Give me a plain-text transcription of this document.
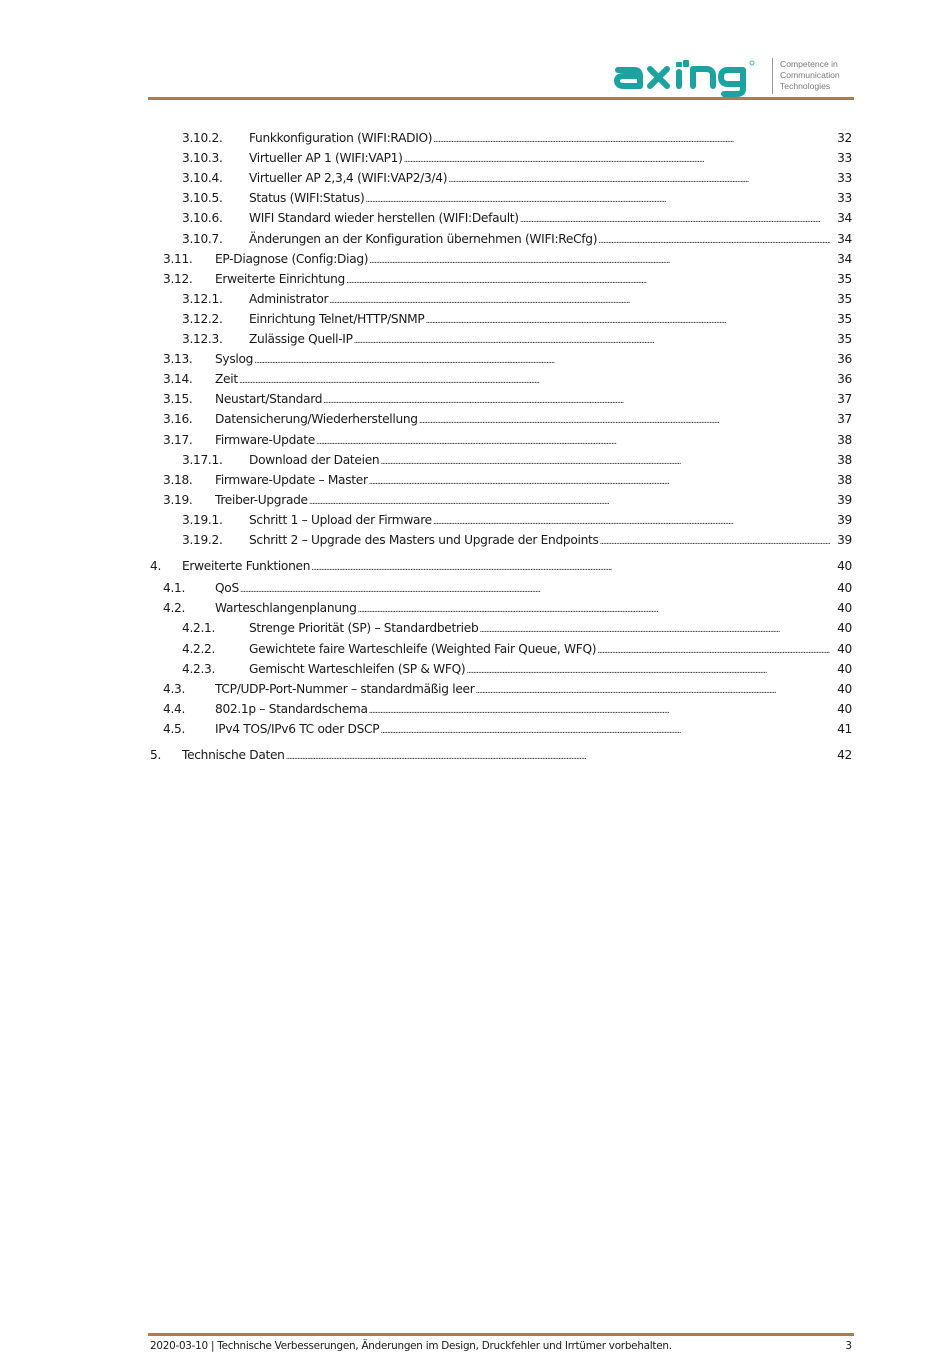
Competence in
Communication
Technologies
3.10.2. Funkkonfiguration (WIFI:RADIO) . . .	32
3.10.3. Virtueller AP 1 (WIFI:VAP1) . . .	33
3.10.4. Virtueller AP 2,3,4 (WIFI:VAP2/3/4) . . .	33
3.10.5. Status (WIFI:Status) . . .	33
3.10.6. WIFI Standard wieder herstellen (WIFI:Default) . . .	34
3.10.7. Änderungen an der Konfiguration übernehmen (WIFI:ReCfg) . . .	34
3.11. EP-Diagnose (Config:Diag) . . .	34
3.12. Erweiterte Einrichtung . . .	35
3.12.1. Administrator . . .	35
3.12.2. Einrichtung Telnet/HTTP/SNMP . . .	35
3.12.3. Zulässige Quell-IP . . .	35
3.13. Syslog . . .	36
3.14. Zeit . . .	36
3.15. Neustart/Standard . . .	37
3.16. Datensicherung/Wiederherstellung . . .	37
3.17. Firmware-Update . . .	38
3.17.1. Download der Dateien . . .	38
3.18. Firmware-Update – Master . . .	38
3.19. Treiber-Upgrade . . .	39
3.19.1. Schritt 1 – Upload der Firmware . . .	39
3.19.2. Schritt 2 – Upgrade des Masters und Upgrade der Endpoints . . .	39
4. Erweiterte Funktionen . . .	40
4.1. QoS . . .	40
4.2. Warteschlangenplanung . . .	40
4.2.1.	Strenge Priorität (SP) – Standardbetrieb . . .	40
4.2.2.	Gewichtete faire Warteschleife (Weighted Fair Queue, WFQ) . . .	40
4.2.3.	Gemischt Warteschleifen (SP & WFQ) . . .	40
4.3. TCP/UDP-Port-Nummer – standardmäßig leer . . .	40
4.4. 802.1p – Standardschema . . .	40
4.5. IPv4 TOS/IPv6 TC oder DSCP . . .	41
5. Technische Daten . . .	42
2020-03-10 | Technische Verbesserungen, Änderungen im Design, Druckfehler und Irrtümer vorbehalten.	3
